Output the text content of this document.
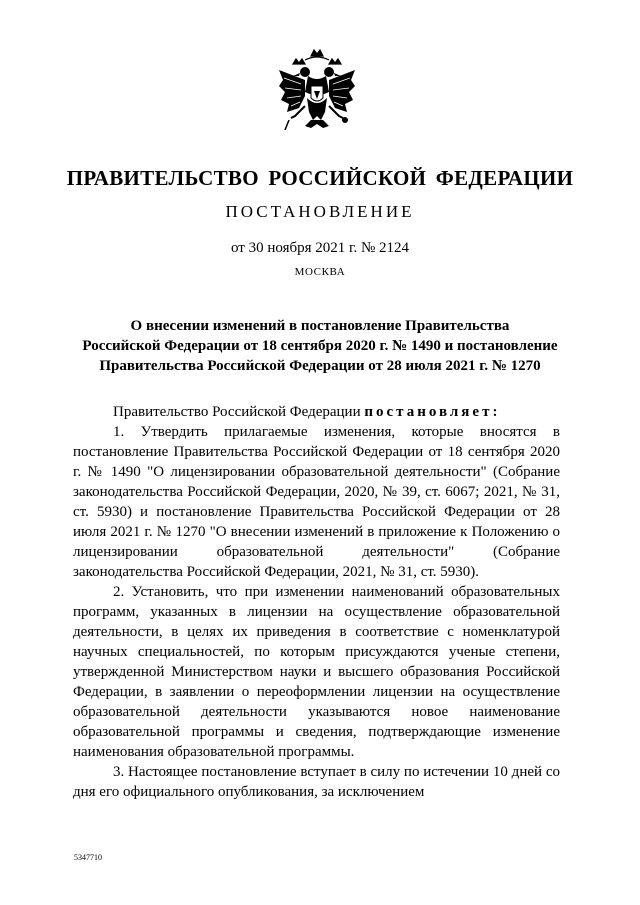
ПРАВИТЕЛЬСТВО РОССИЙСКОЙ ФЕДЕРАЦИИ
ПОСТАНОВЛЕНИЕ
от 30 ноября 2021 г. № 2124
МОСКВА
О внесении изменений в постановление Правительства
Российской Федерации от 18 сентября 2020 г. № 1490 и постановление
Правительства Российской Федерации от 28 июля 2021 г. № 1270

Правительство Российской Федерации постановляет:

1. Утвердить прилагаемые изменения, которые вносятся в постановление Правительства Российской Федерации от 18 сентября 2020 г. № 1490 "О лицензировании образовательной деятельности" (Собрание законодательства Российской Федерации, 2020, № 39, ст. 6067; 2021, № 31, ст. 5930) и постановление Правительства Российской Федерации от 28 июля 2021 г. № 1270 "О внесении изменений в приложение к Положению о лицензировании образовательной деятельности" (Собрание законодательства Российской Федерации, 2021, № 31, ст. 5930).

2. Установить, что при изменении наименований образовательных программ, указанных в лицензии на осуществление образовательной деятельности, в целях их приведения в соответствие с номенклатурой научных специальностей, по которым присуждаются ученые степени, утвержденной Министерством науки и высшего образования Российской Федерации, в заявлении о переоформлении лицензии на осуществление образовательной деятельности указываются новое наименование образовательной программы и сведения, подтверждающие изменение наименования образовательной программы.

3. Настоящее постановление вступает в силу по истечении 10 дней со дня его официального опубликования, за исключением

5347710
